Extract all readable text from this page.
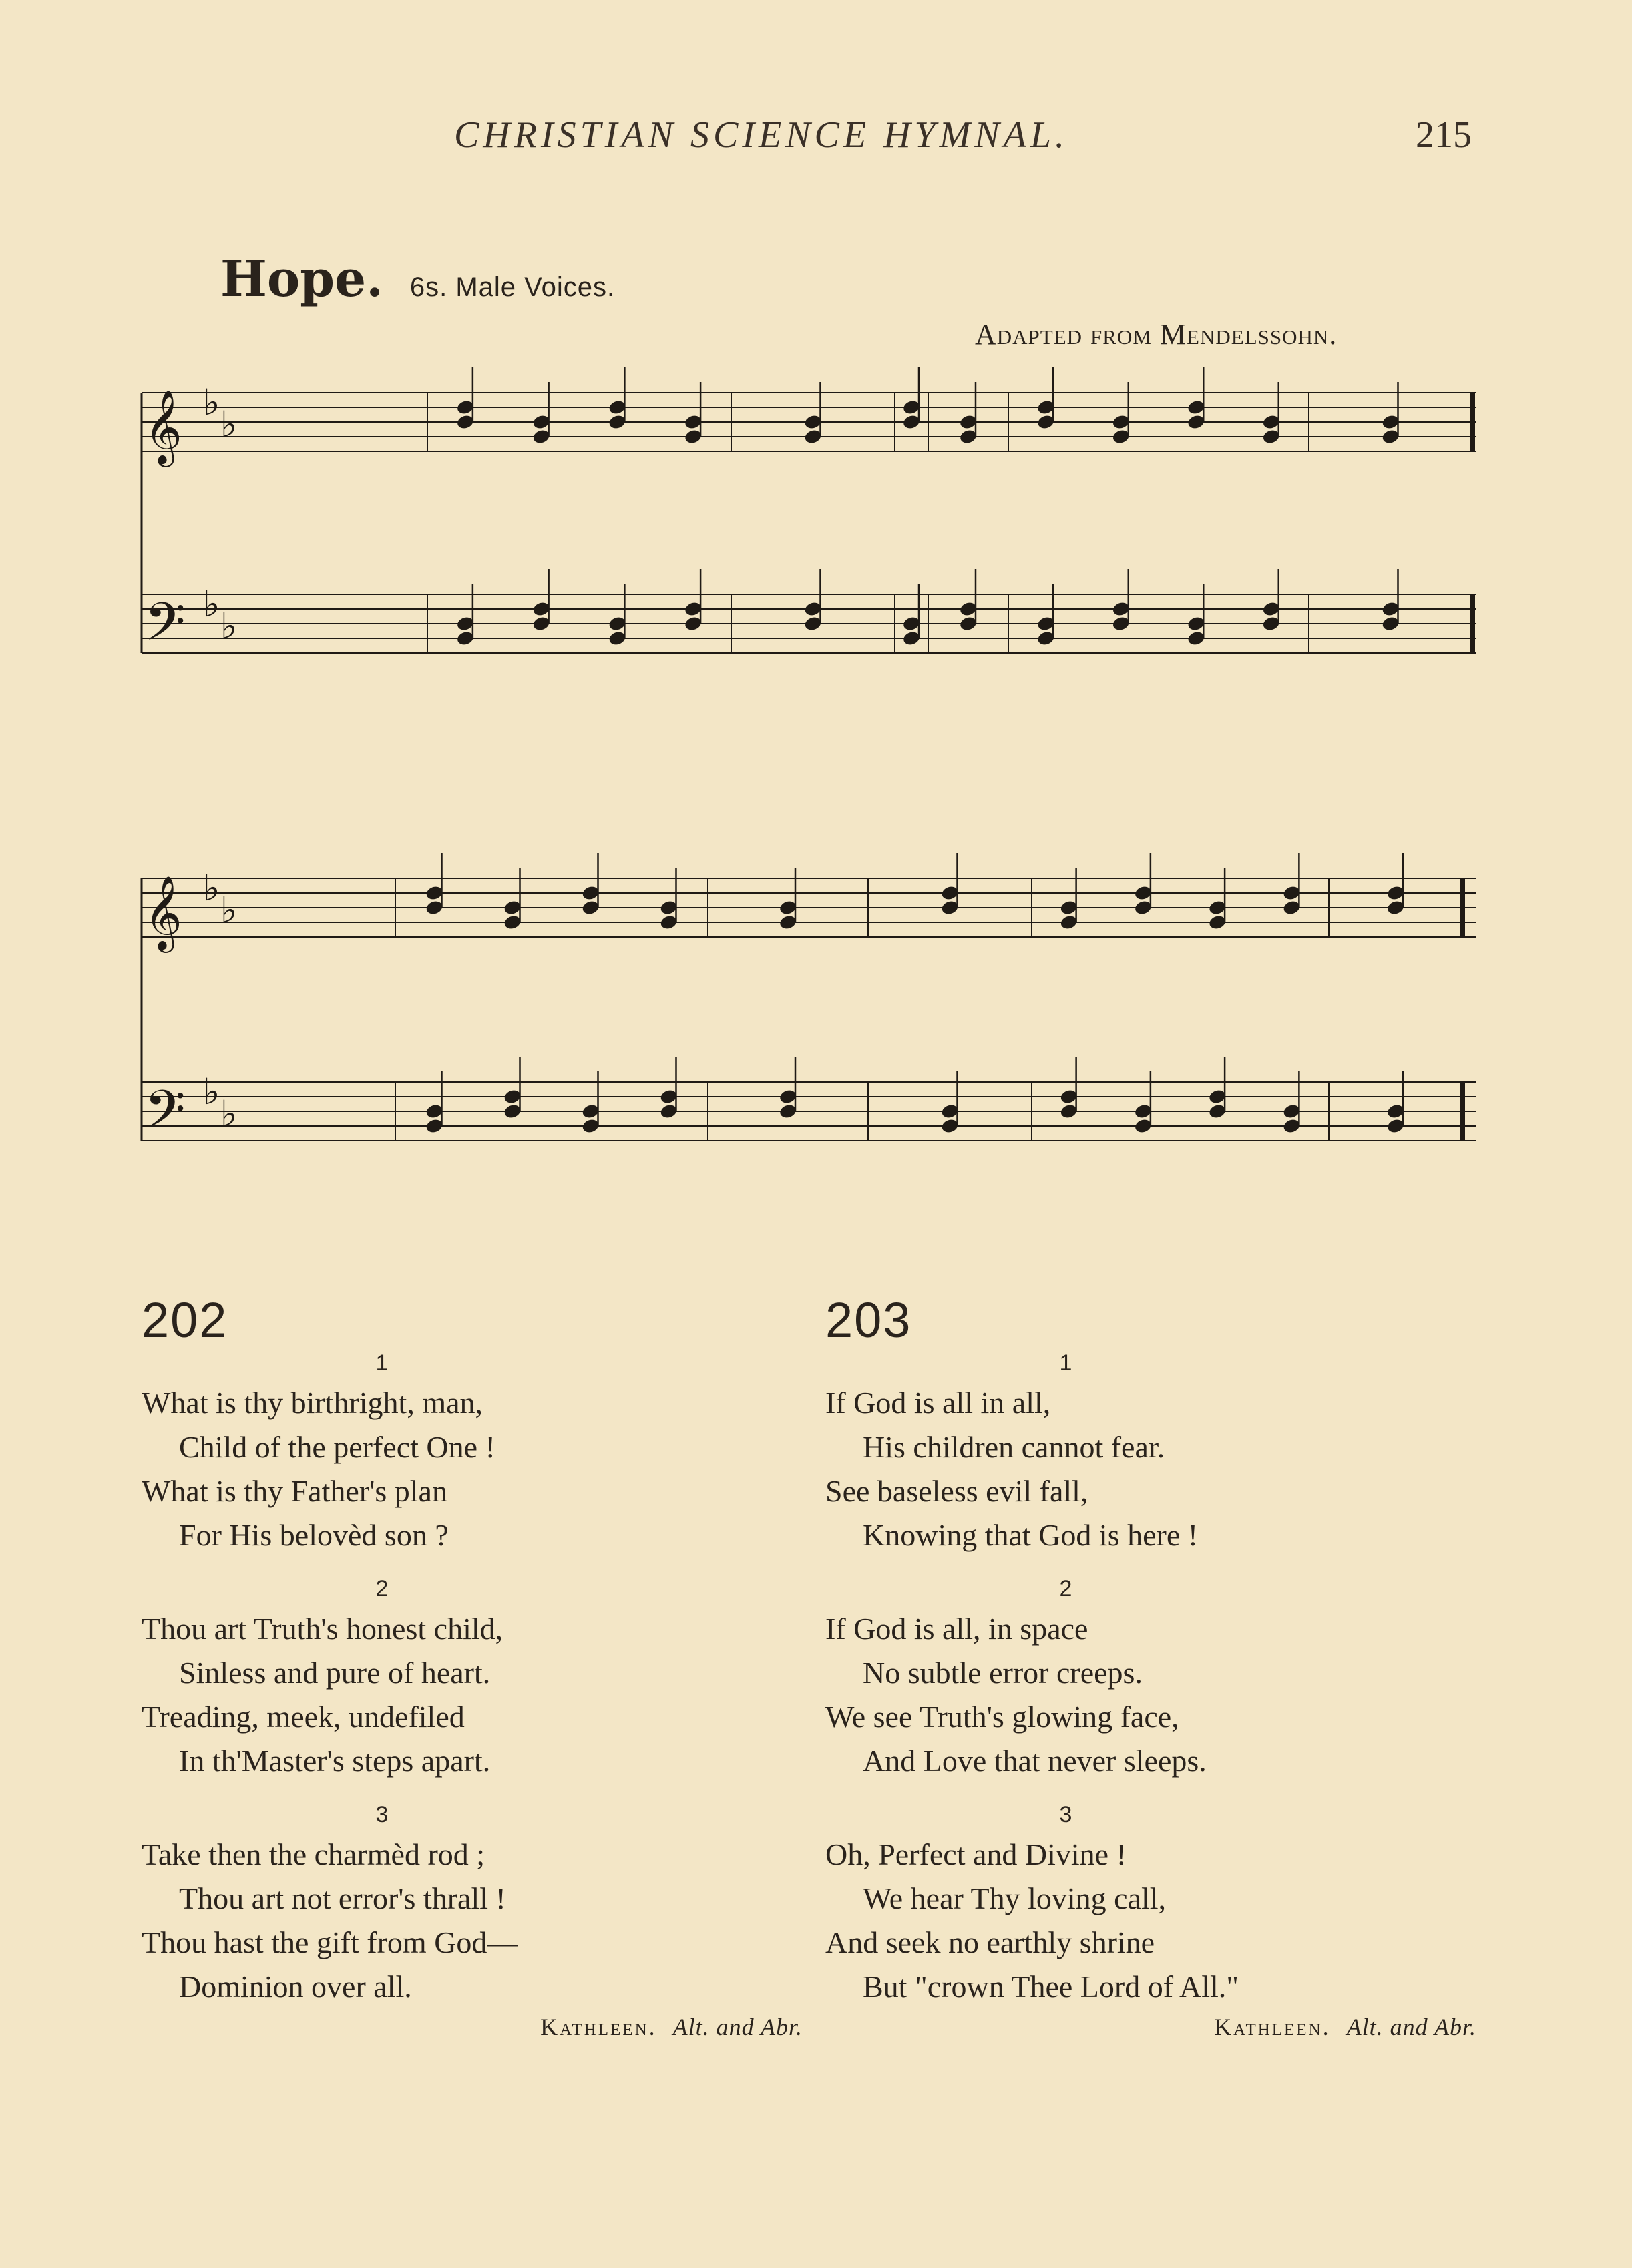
CHRISTIAN SCIENCE HYMNAL.	215
Hope. 6s. Male Voices.
Adapted from Mendelssohn.
𝄞 ♭
♭
𝄢 ♭
♭
𝄞 ♭
♭
𝄢 ♭
♭
202
1
What is thy birthright, man,
Child of the perfect One !
What is thy Father's plan
For His belovèd son ?
2
Thou art Truth's honest child,
Sinless and pure of heart.
Treading, meek, undefiled
In th'Master's steps apart.
3
Take then the charmèd rod ;
Thou art not error's thrall !
Thou hast the gift from God—
Dominion over all.
Kathleen. Alt. and Abr.
203
1
If God is all in all,
His children cannot fear.
See baseless evil fall,
Knowing that God is here !
2
If God is all, in space
No subtle error creeps.
We see Truth's glowing face,
And Love that never sleeps.
3
Oh, Perfect and Divine !
We hear Thy loving call,
And seek no earthly shrine
But "crown Thee Lord of All."
Kathleen. Alt. and Abr.
